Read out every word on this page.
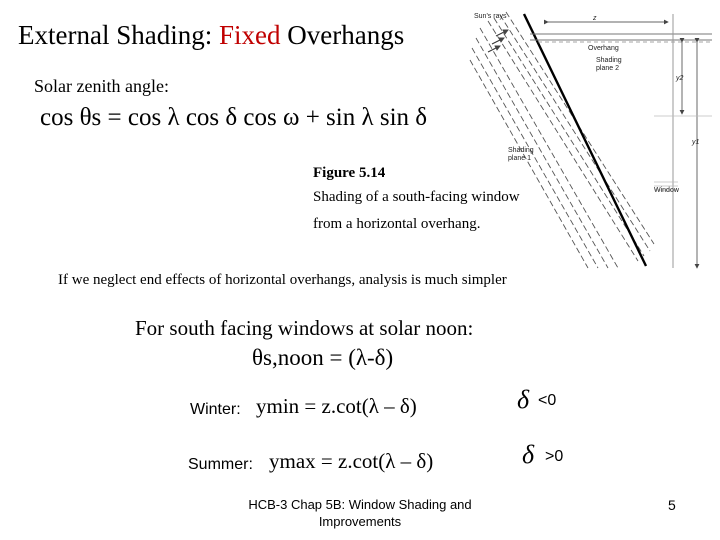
External Shading: Fixed Overhangs
Solar zenith angle:
cos θs = cos λ cos δ cos ω + sin λ sin δ
Sun's rays	z
Overhang
Shading
plane 2
y2
y1
Shading
plane 1
Window
Figure 5.14
Shading of a south-facing window
from a horizontal overhang.
If we neglect end effects of horizontal overhangs, analysis is much simpler
For south facing windows at solar noon:
θs,noon = (λ-δ)
Winter: ymin = z.cot(λ – δ)
Summer: ymax = z.cot(λ – δ)
δ <0
δ >0
HCB-3 Chap 5B: Window Shading and Improvements
5
